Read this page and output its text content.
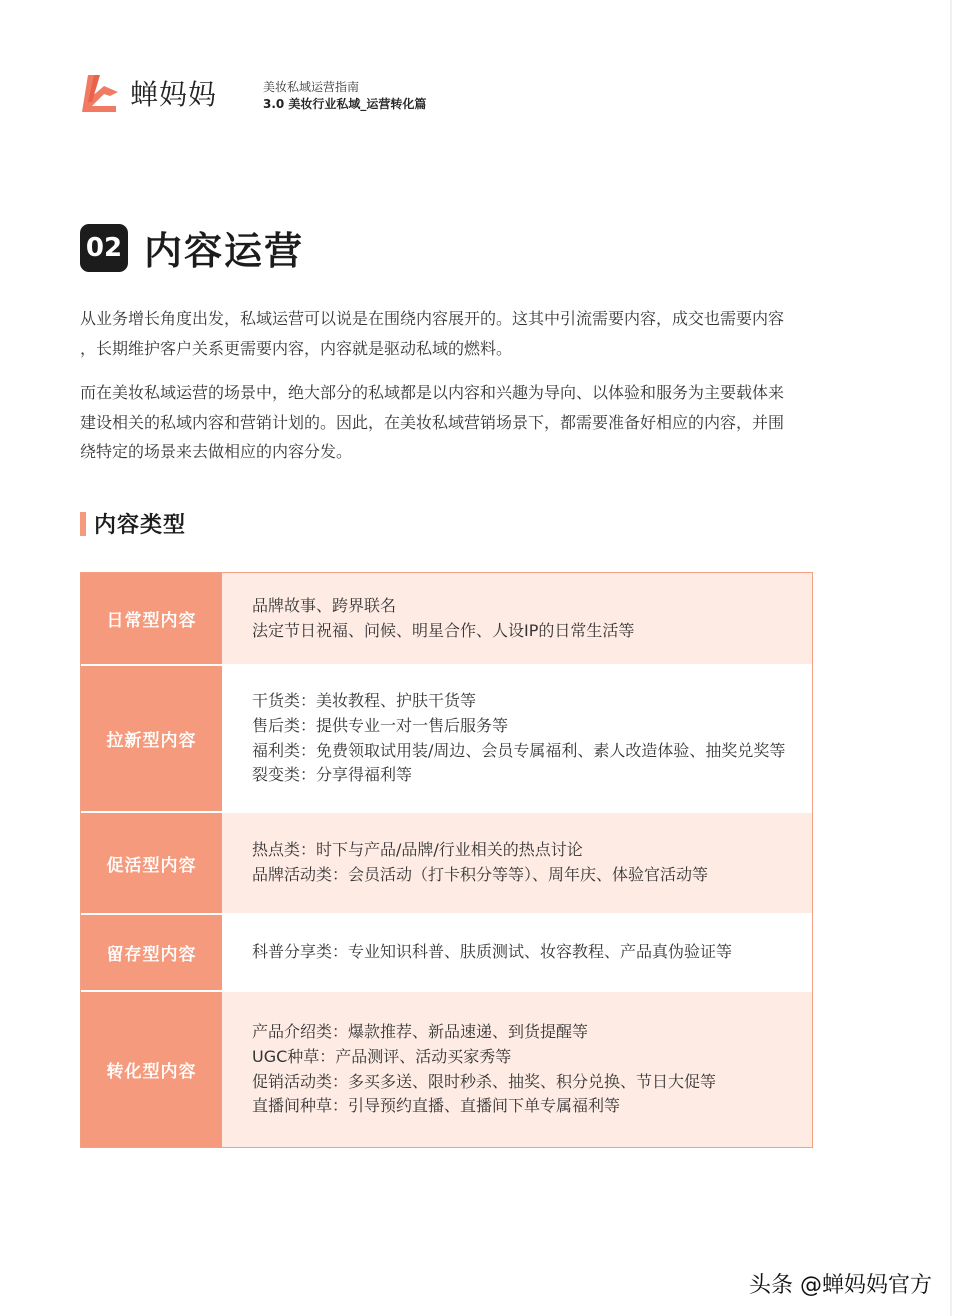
蝉妈妈	美妆私域运营指南
3.0 美妆行业私域_运营转化篇
02 内容运营

从业务增长角度出发，私域运营可以说是在围绕内容展开的。这其中引流需要内容，成交也需要内容
，长期维护客户关系更需要内容，内容就是驱动私域的燃料。

而在美妆私域运营的场景中，绝大部分的私域都是以内容和兴趣为导向、以体验和服务为主要载体来
建设相关的私域内容和营销计划的。因此，在美妆私域营销场景下，都需要准备好相应的内容，并围
绕特定的场景来去做相应的内容分发。

内容类型
日常型内容
品牌故事、跨界联名
法定节日祝福、问候、明星合作、人设IP的日常生活等
拉新型内容
干货类：美妆教程、护肤干货等
售后类：提供专业一对一售后服务等
福利类：免费领取试用装/周边、会员专属福利、素人改造体验、抽奖兑奖等
裂变类：分享得福利等
促活型内容
热点类：时下与产品/品牌/行业相关的热点讨论
品牌活动类：会员活动（打卡积分等等）、周年庆、体验官活动等
留存型内容	科普分享类：专业知识科普、肤质测试、妆容教程、产品真伪验证等
转化型内容
产品介绍类：爆款推荐、新品速递、到货提醒等
UGC种草：产品测评、活动买家秀等
促销活动类：多买多送、限时秒杀、抽奖、积分兑换、节日大促等
直播间种草：引导预约直播、直播间下单专属福利等
头条 @蝉妈妈官方
